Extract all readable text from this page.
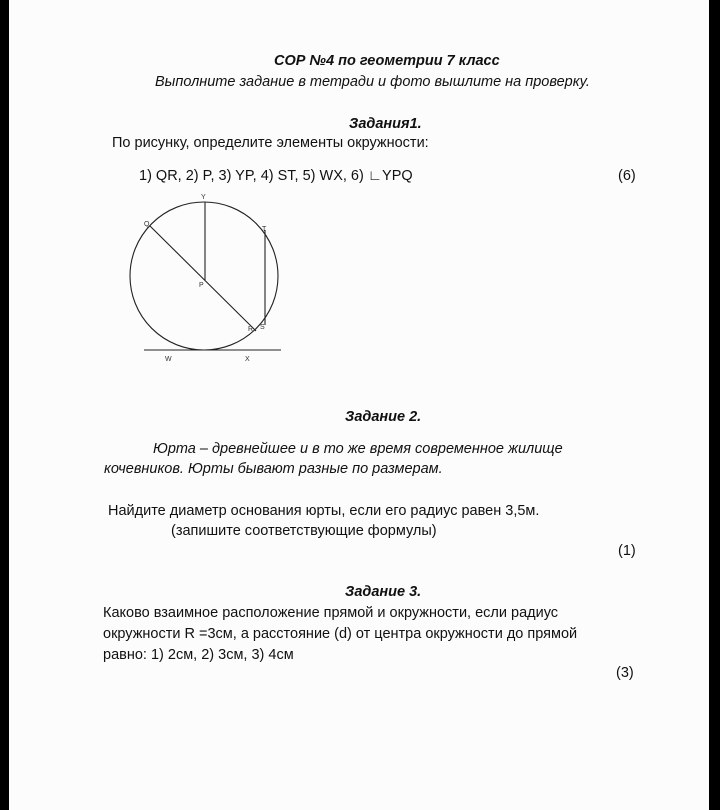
СОР №4 по геометрии 7 класс
Выполните задание в тетради и фото вышлите на проверку.
Задания1.
По рисунку, определите элементы окружности:
1) QR, 2) P, 3) YP, 4) ST, 5) WX, 6) ∟YPQ	(6)
Q
Y
T
P
R S
W	X
Задание 2.
Юрта – древнейшее и в то же время современное жилище
кочевников. Юрты бывают разные по размерам.
Найдите диаметр основания юрты, если его радиус равен 3,5м.
(запишите соответствующие формулы)
(1)
Задание 3.
Каково взаимное расположение прямой и окружности, если радиус
окружности R =3см, а расстояние (d) от центра окружности до прямой
равно: 1) 2см, 2) 3см, 3) 4см
(3)
